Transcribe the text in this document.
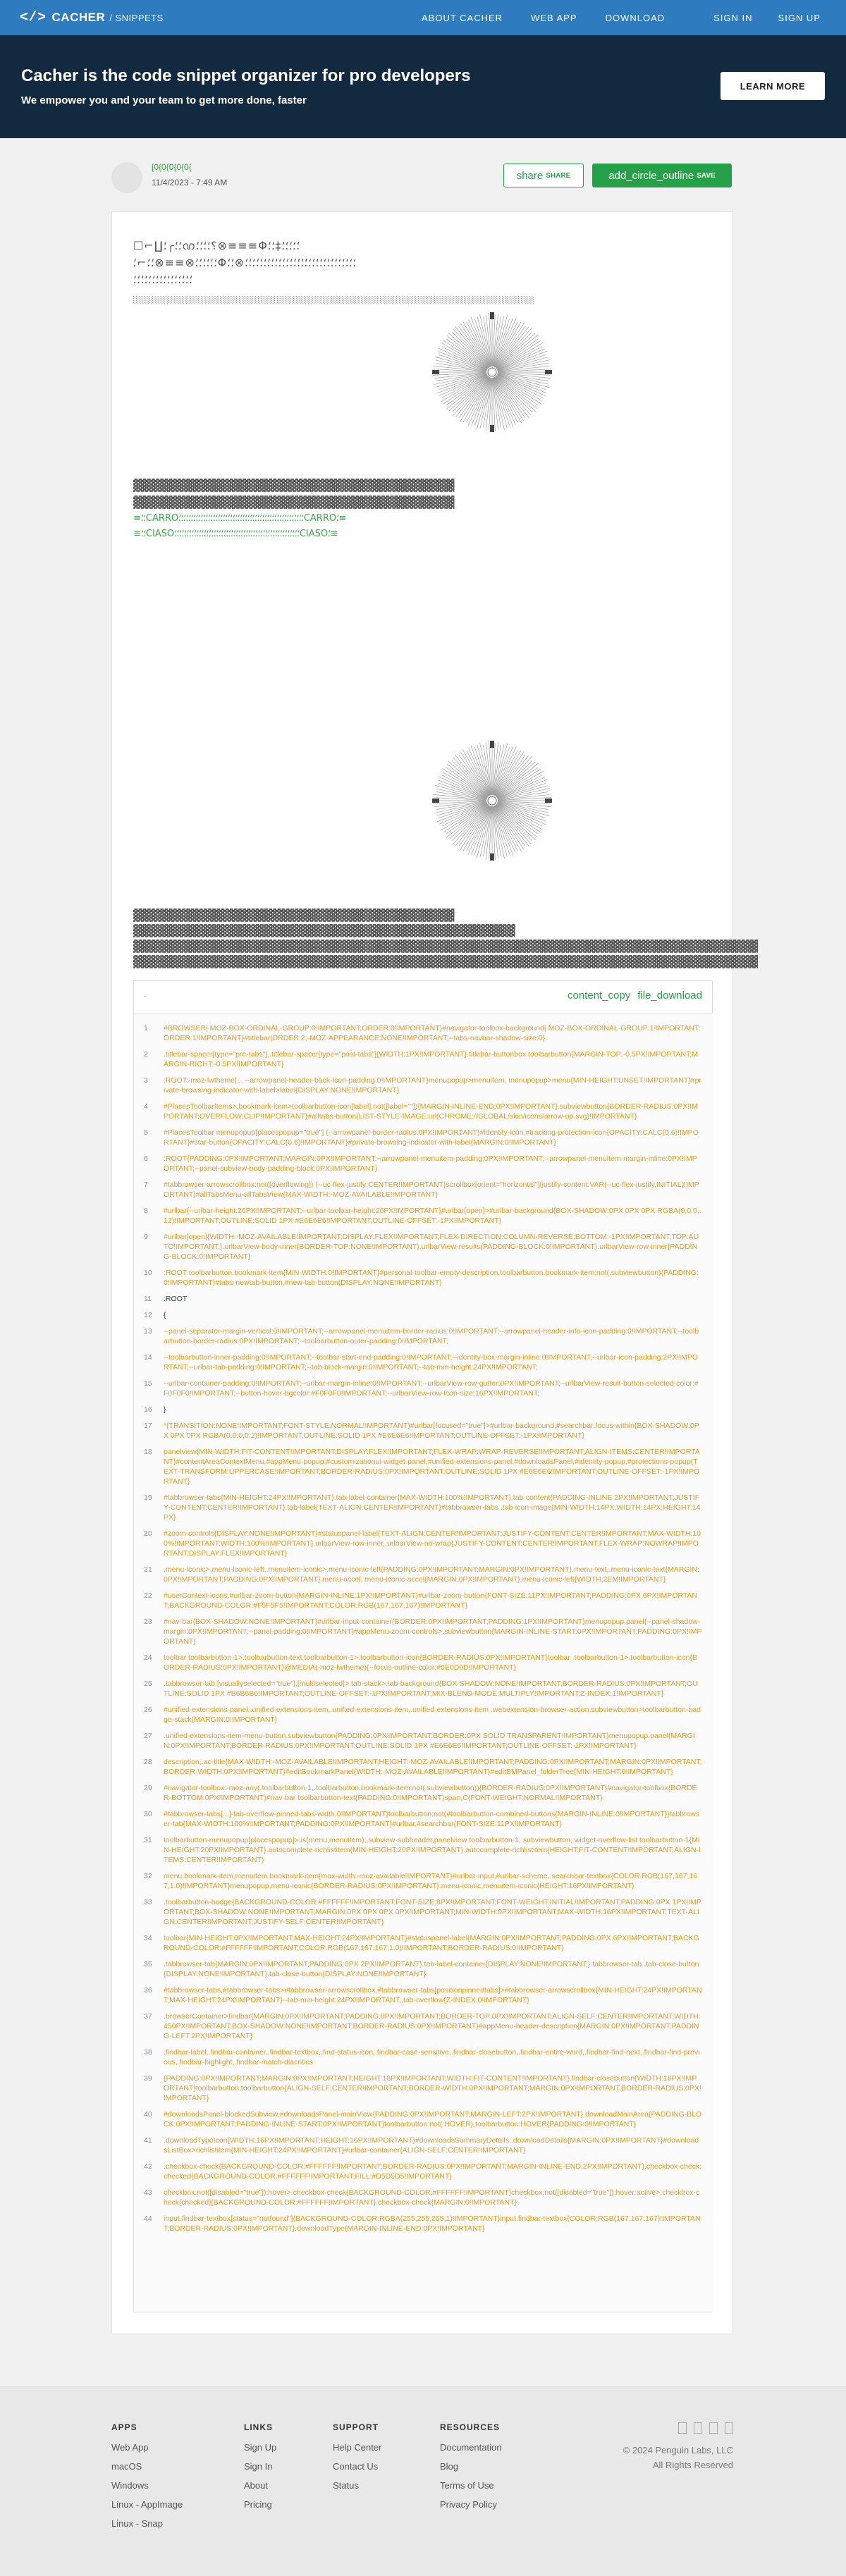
</> CACHER / SNIPPETS	ABOUT CACHER	WEB APP	DOWNLOAD	SIGN IN	SIGN UP
Cacher is the code snippet organizer for pro developers

We empower you and your team to get more done, faster

LEARN MORE
[0{0{0{0{0{
11/4/2023 - 7:49 AM
share SHARE	add_circle_outline SAVE
☐⌐∐⸵╭⸵⸵ᨱ⸵⸵⸵⸵⸮⊗≡≡≡Φ⸵⸵‡⸵⸵⸵⸵⸵
⸵⌐⸵⸵⊗≡≡⊗⸵⸵⸵⸵⸵⸵Φ⸵⸵⊗⸵⸵⸵⸵⸵⸵⸵⸵⸵⸵⸵⸵⸵⸵⸵⸵⸵⸵⸵⸵⸵⸵⸵⸵⸵⸵⸵⸵⸵⸵
⸵⸵⸵⸵⸵⸵⸵⸵⸵⸵⸵⸵⸵⸵⸵⸵
░░░░░░░░░░░░░░░░░░░░░░░░░░░░░░░░░░░░░░░░░░░░░░░░░░░░░░░░░░░░░░░░░░░░░░░░░░
▓▓▓▓▓▓▓▓▓▓▓▓▓▓▓▓▓▓▓▓▓▓▓▓▓▓▓▓▓▓▓▓▓▓▓▓▓
▓▓▓▓▓▓▓▓▓▓▓▓▓▓▓▓▓▓▓▓▓▓▓▓▓▓▓▓▓▓▓▓▓▓▓▓▓
≡⸵⸵CARRO⸵⸵⸵⸵⸵⸵⸵⸵⸵⸵⸵⸵⸵⸵⸵⸵⸵⸵⸵⸵⸵⸵⸵⸵⸵⸵⸵⸵⸵⸵⸵⸵⸵⸵⸵⸵⸵⸵⸵⸵⸵⸵⸵⸵⸵⸵⸵⸵⸵⸵⸵CARRO⸵≡
≡⸵⸵CIASO⸵⸵⸵⸵⸵⸵⸵⸵⸵⸵⸵⸵⸵⸵⸵⸵⸵⸵⸵⸵⸵⸵⸵⸵⸵⸵⸵⸵⸵⸵⸵⸵⸵⸵⸵⸵⸵⸵⸵⸵⸵⸵⸵⸵⸵⸵⸵⸵⸵⸵⸵CIASO⸵≡
▓▓▓▓▓▓▓▓▓▓▓▓▓▓▓▓▓▓▓▓▓▓▓▓▓▓▓▓▓▓▓▓▓▓▓▓▓
▓▓▓▓▓▓▓▓▓▓▓▓▓▓▓▓▓▓▓▓▓▓▓▓▓▓▓▓▓▓▓▓▓▓▓▓▓▓▓▓▓▓▓▓
▓▓▓▓▓▓▓▓▓▓▓▓▓▓▓▓▓▓▓▓▓▓▓▓▓▓▓▓▓▓▓▓▓▓▓▓▓▓▓▓▓▓▓▓▓▓▓▓▓▓▓▓▓▓▓▓▓▓▓▓▓▓▓▓▓▓▓▓▓▓▓▓
▓▓▓▓▓▓▓▓▓▓▓▓▓▓▓▓▓▓▓▓▓▓▓▓▓▓▓▓▓▓▓▓▓▓▓▓▓▓▓▓▓▓▓▓▓▓▓▓▓▓▓▓▓▓▓▓▓▓▓▓▓▓▓▓▓▓▓▓▓▓▓▓
-	content_copy file_download
1	#BROWSER| MOZ-BOX-ORDINAL-GROUP:0!IMPORTANT;ORDER:0!IMPORTANT}#navigator-toolbox-background| MOZ-BOX-ORDINAL-GROUP:1!IMPORTANT;ORDER:1!IMPORTANT}#titlebar|ORDER:2;-MOZ-APPEARANCE:NONE!IMPORTANT;--tabs-navbar-shadow-size:0}
2	.titlebar-spacer[type="pre-tabs"],.titlebar-spacer[type="post-tabs"]{WIDTH:1PX!IMPORTANT}.titlebar-buttonbox toolbarbutton{MARGIN-TOP:-0.5PX!IMPORTANT;MARGIN-RIGHT:-0.5PX!IMPORTANT}
3	:ROOT:-moz-lwtheme|... --arrowpanel-header-back-icon-padding:0!IMPORTANT}menupopup>menuitem, menupopup>menu{MIN-HEIGHT:UNSET!IMPORTANT}#private-browsing-indicator-with-label>label{DISPLAY:NONE!IMPORTANT}
4	#PlacesToolbarItems>.bookmark-item>toolbarbutton-icon[label]:not([label=""]){MARGIN-INLINE-END:0PX!IMPORTANT}.subviewbutton{BORDER-RADIUS:0PX!IMPORTANT;OVERFLOW:CLIP!IMPORTANT}#alltabs-button{LIST-STYLE-IMAGE:url(CHROME://GLOBAL/skin/icons/arrow-up.svg)!IMPORTANT}
5	#PlacesToolbar menupopup[placespopup="true"] {--arrowpanel-border-radius:0PX!IMPORTANT}#identity-icon,#tracking-protection-icon{OPACITY:CALC(0.6)!IMPORTANT}#star-button{OPACITY:CALC(0.6)!IMPORTANT}#private-browsing-indicator-with-label{MARGIN:0!IMPORTANT}
6	:ROOT{PADDING:0PX!IMPORTANT;MARGIN:0PX!IMPORTANT;--arrowpanel-menuitem-padding:0PX!IMPORTANT;--arrowpanel-menuitem-margin-inline:0PX!IMPORTANT;--panel-subview-body-padding-block:0PX!IMPORTANT}
7	#tabbrowser-arrowscrollbox:not([overflowing]) {--uc-flex-justify:CENTER!IMPORTANT}scrollbox[orient="horizontal"]{justify-content:VAR(--uc-flex-justify,INITIAL)!IMPORTANT}#allTabsMenu-allTabsView{MAX-WIDTH:-MOZ-AVAILABLE!IMPORTANT}
8	#urlbar{--urlbar-height:26PX!IMPORTANT;--urlbar-toolbar-height:26PX!IMPORTANT}#urlbar[open]>#urlbar-background{BOX-SHADOW:0PX 0PX 0PX RGBA(0,0,0,.12)!IMPORTANT;OUTLINE:SOLID 1PX #E6E6E6!IMPORTANT;OUTLINE-OFFSET:-1PX!IMPORTANT}
9	#urlbar[open]{WIDTH:-MOZ-AVAILABLE!IMPORTANT;DISPLAY:FLEX!IMPORTANT;FLEX-DIRECTION:COLUMN-REVERSE;BOTTOM:-1PX!IMPORTANT;TOP:AUTO!IMPORTANT;}.urlbarView-body-inner{BORDER-TOP:NONE!IMPORTANT}.urlbarView-results{PADDING-BLOCK:0!IMPORTANT}.urlbarView-row-inner{PADDING-BLOCK:0!IMPORTANT}
10	:ROOT toolbarbutton.bookmark-item{MIN-WIDTH:0!IMPORTANT}#personal-toolbar-empty-description,toolbarbutton.bookmark-item:not(.subviewbutton){PADDING:0!IMPORTANT}#tabs-newtab-button,#new-tab-button{DISPLAY:NONE!IMPORTANT}
11	:ROOT
12	{
13	--panel-separator-margin-vertical:0!IMPORTANT;--arrowpanel-menuitem-border-radius:0!IMPORTANT;--arrowpanel-header-info-icon-padding:0!IMPORTANT;--toolbarbutton-border-radius:0PX!IMPORTANT;--toolbarbutton-outer-padding:0!IMPORTANT;
14	--toolbarbutton-inner-padding:0!IMPORTANT;--toolbar-start-end-padding:0!IMPORTANT;--identity-box-margin-inline:0!IMPORTANT;--urlbar-icon-padding:2PX!IMPORTANT;--urlbar-tab-padding:0!IMPORTANT;--tab-block-margin:0!IMPORTANT;--tab-min-height:24PX!IMPORTANT;
15	--urlbar-container-padding:0!IMPORTANT;--urlbar-margin-inline:0!IMPORTANT;--urlbarView-row-gutter:0PX!IMPORTANT;--urlbarView-result-button-selected-color:#F0F0F0!IMPORTANT;--button-hover-bgcolor:#F0F0F0!IMPORTANT;--urlbarView-row-icon-size:16PX!IMPORTANT;
16	}
17	*{TRANSITION:NONE!IMPORTANT;FONT-STYLE:NORMAL!IMPORTANT}#urlbar[focused="true"]>#urlbar-background,#searchbar:focus-within{BOX-SHADOW:0PX 0PX 0PX RGBA(0,0,0,0.2)!IMPORTANT;OUTLINE:SOLID 1PX #E6E6E6!IMPORTANT;OUTLINE-OFFSET:-1PX!IMPORTANT}
18	panelview{MIN-WIDTH:FIT-CONTENT!IMPORTANT;DISPLAY:FLEX!IMPORTANT;FLEX-WRAP:WRAP-REVERSE!IMPORTANT;ALIGN-ITEMS:CENTER!IMPORTANT}#contentAreaContextMenu,#appMenu-popup,#customizationui-widget-panel,#unified-extensions-panel,#downloadsPanel,#identity-popup,#protections-popup{TEXT-TRANSFORM:UPPERCASE!IMPORTANT;BORDER-RADIUS:0PX!IMPORTANT;OUTLINE:SOLID 1PX #E6E6E6!IMPORTANT;OUTLINE-OFFSET:-1PX!IMPORTANT}
19	#tabbrowser-tabs{MIN-HEIGHT:24PX!IMPORTANT}.tab-label-container{MAX-WIDTH:100%!IMPORTANT}.tab-content{PADDING-INLINE:2PX!IMPORTANT;JUSTIFY-CONTENT:CENTER!IMPORTANT}.tab-label{TEXT-ALIGN:CENTER!IMPORTANT}#tabbrowser-tabs .tab-icon-image{MIN-WIDTH:14PX;WIDTH:14PX;HEIGHT:14PX}
20	#zoom-controls{DISPLAY:NONE!IMPORTANT}#statuspanel-label{TEXT-ALIGN:CENTER!IMPORTANT;JUSTIFY-CONTENT:CENTER!IMPORTANT;MAX-WIDTH:100%!IMPORTANT;WIDTH:100%!IMPORTANT}.urlbarView-row-inner,.urlbarView-no-wrap{JUSTIFY-CONTENT:CENTER!IMPORTANT;FLEX-WRAP:NOWRAP!IMPORTANT;DISPLAY:FLEX!IMPORTANT}
21	.menu-iconic>.menu-iconic-left,.menuitem-iconic>.menu-iconic-left{PADDING:0PX!IMPORTANT;MARGIN:0PX!IMPORTANT}.menu-text,.menu-iconic-text{MARGIN:0PX!IMPORTANT;PADDING:0PX!IMPORTANT}.menu-accel,.menu-iconic-accel{MARGIN:0PX!IMPORTANT}.menu-iconic-left{WIDTH:2EM!IMPORTANT}
22	#userContext-icons,#urlbar-zoom-button{MARGIN-INLINE:1PX!IMPORTANT}#urlbar-zoom-button{FONT-SIZE:11PX!IMPORTANT;PADDING:0PX 6PX!IMPORTANT;BACKGROUND-COLOR:#F5F5F5!IMPORTANT;COLOR:RGB(167,167,167)!IMPORTANT}
23	#nav-bar{BOX-SHADOW:NONE!IMPORTANT}#urlbar-input-container{BORDER:0PX!IMPORTANT;PADDING:1PX!IMPORTANT}menupopup,panel{--panel-shadow-margin:0PX!IMPORTANT;--panel-padding:0!IMPORTANT}#appMenu-zoom-controls>.subviewbutton{MARGIN-INLINE-START:0PX!IMPORTANT;PADDING:0PX!IMPORTANT}
24	toolbar toolbarbutton-1>.toolbarbutton-text,toolbarbutton-1>.toolbarbutton-icon{BORDER-RADIUS:0PX!IMPORTANT}toolbar .toolbarbutton-1>.toolbarbutton-icon{BORDER-RADIUS:0PX!IMPORTANT}@MEDIA(-moz-lwtheme){--focus-outline-color:#0E0D0D!IMPORTANT}
25	.tabbrowser-tab:[visuallyselected="true"],[multiselected]>.tab-stack>.tab-background{BOX-SHADOW:NONE!IMPORTANT;BORDER-RADIUS:0PX!IMPORTANT;OUTLINE:SOLID 1PX #B6B6B6!IMPORTANT;OUTLINE-OFFSET:-1PX!IMPORTANT;MIX-BLEND-MODE:MULTIPLY!IMPORTANT;Z-INDEX:1!IMPORTANT}
26	#unified-extensions-panel,.unified-extensions-item,.unified-extensions-item,.unified-extensions-item .webextension-browser-action.subviewbutton>toolbarbutton-badge-stack{MARGIN:0!IMPORTANT}
27	.unified-extensions-item-menu-button.subviewbutton{PADDING:0PX!IMPORTANT;BORDER:0PX SOLID TRANSPARENT!IMPORTANT}menupopup,panel{MARGIN:0PX!IMPORTANT;BORDER-RADIUS:0PX!IMPORTANT;OUTLINE:SOLID 1PX #E6E6E6!IMPORTANT;OUTLINE-OFFSET:-1PX!IMPORTANT}
28	description,.ac-title{MAX-WIDTH:-MOZ-AVAILABLE!IMPORTANT;HEIGHT:-MOZ-AVAILABLE!IMPORTANT;PADDING:0PX!IMPORTANT;MARGIN:0PX!IMPORTANT;BORDER-WIDTH:0PX!IMPORTANT}#editBookmarkPanel{WIDTH:-MOZ-AVAILABLE!IMPORTANT}#editBMPanel_folderTree{MIN-HEIGHT:0!IMPORTANT}
29	#navigator-toolbox:-moz-any(.toolbarbutton-1,.toolbarbutton.bookmark-item:not(.subviewbutton)){BORDER-RADIUS:0PX!IMPORTANT}#navigator-toolbox{BORDER-BOTTOM:0PX!IMPORTANT}#nav-bar toolbarbutton-text{PADDING:0!IMPORTANT}span,C{FONT-WEIGHT:NORMAL!IMPORTANT}
30	#tabbrowser-tabs[...]-tab-overflow-pinned-tabs-width:0!IMPORTANT}toolbarbutton:not(#toolbarbutton-combined-buttons{MARGIN-INLINE:0!IMPORTANT}}tabbrowser-tab{MAX-WIDTH:100%!IMPORTANT;PADDING:0PX!IMPORTANT}#urlbar,#searchbar{FONT-SIZE:11PX!IMPORTANT}
31	toolbarbutton-menupopup[placespopup]>:is(menu,menuitem),.subview-subheader,panelview toolbarbutton-1,.subviewbutton,.widget-overflow-list toolbarbutton-1{MIN-HEIGHT:20PX!IMPORTANT}.autocomplete-richlistitem{MIN-HEIGHT:20PX!IMPORTANT}.autocomplete-richlistitem{HEIGHT:FIT-CONTENT!IMPORTANT;ALIGN-ITEMS:CENTER!IMPORTANT}
32	menu.bookmark-item,menuitem.bookmark-item{max-width:-moz-available!IMPORTANT}#urlbar-input,#urlbar-scheme,.searchbar-textbox{COLOR:RGB(167,167,167,1.0)!IMPORTANT}menupopup,menu-iconic{BORDER-RADIUS:0PX!IMPORTANT}.menu-iconic,menuitem-iconic{HEIGHT:16PX!IMPORTANT}
33	.toolbarbutton-badge{BACKGROUND-COLOR:#FFFFFF!IMPORTANT;FONT-SIZE:8PX!IMPORTANT;FONT-WEIGHT:INITIAL!IMPORTANT;PADDING:0PX 1PX!IMPORTANT;BOX-SHADOW:NONE!IMPORTANT;MARGIN:0PX 0PX 0PX 0PX!IMPORTANT;MIN-WIDTH:0PX!IMPORTANT;MAX-WIDTH:16PX!IMPORTANT;TEXT-ALIGN:CENTER!IMPORTANT;JUSTIFY-SELF:CENTER!IMPORTANT}
34	toolbar{MIN-HEIGHT:0PX!IMPORTANT;MAX-HEIGHT:24PX!IMPORTANT}#statuspanel-label{MARGIN:0PX!IMPORTANT;PADDING:0PX 6PX!IMPORTANT;BACKGROUND-COLOR:#FFFFFF!IMPORTANT;COLOR:RGB(167,167,167,1.0)!IMPORTANT;BORDER-RADIUS:0!IMPORTANT}
35	.tabbrowser-tab{MARGIN:0PX!IMPORTANT;PADDING:0PX 2PX!IMPORTANT}.tab-label-container{DISPLAY:NONE!IMPORTANT;}.tabbrowser-tab .tab-close-button{DISPLAY:NONE!IMPORTANT}.tab-close-button{DISPLAY:NONE!IMPORTANT}
36	#tabbrowser-tabs,#tabbrowser-tabs>#tabbrowser-arrowscrollbox,#tabbrowser-tabs[positionpinnedtabs]>#tabbrowser-arrowscrollbox{MIN-HEIGHT:24PX!IMPORTANT;MAX-HEIGHT:24PX!IMPORTANT}--tab-min-height:24PX!IMPORTANT;.tab-overflow{Z-INDEX:0!IMPORTANT}
37	.browserContainer>findbar{MARGIN:0PX!IMPORTANT;PADDING:0PX!IMPORTANT;BORDER-TOP:0PX!IMPORTANT;ALIGN-SELF:CENTER!IMPORTANT;WIDTH:450PX!IMPORTANT;BOX-SHADOW:NONE!IMPORTANT;BORDER-RADIUS:0PX!IMPORTANT}#appMenu-header-description{MARGIN:0PX!IMPORTANT;PADDING-LEFT:2PX!IMPORTANT}
38	.findbar-label,.findbar-container,.findbar-textbox,.find-status-icon,.findbar-case-sensitive,.findbar-closebutton,.findbar-entire-word,.findbar-find-next,.findbar-find-previous,.findbar-highlight,.findbar-match-diacritics
39	{PADDING:0PX!IMPORTANT;MARGIN:0PX!IMPORTANT;HEIGHT:18PX!IMPORTANT;WIDTH:FIT-CONTENT!IMPORTANT}.findbar-closebutton{WIDTH:18PX!IMPORTANT}toolbarbutton,toolbarbutton{ALIGN-SELF:CENTER!IMPORTANT;BORDER-WIDTH:0PX!IMPORTANT;MARGIN:0PX!IMPORTANT;BORDER-RADIUS:0PX!IMPORTANT}
40	#downloadsPanel-blockedSubview,#downloadsPanel-mainView{PADDING:0PX!IMPORTANT;MARGIN-LEFT:2PX!IMPORTANT}.downloadMainArea{PADDING-BLOCK:0PX!IMPORTANT;PADDING-INLINE-START:0PX!IMPORTANT}toolbarbutton:not(:HOVER),toolbarbutton:HOVER{PADDING:0!IMPORTANT}
41	.downloadTypeIcon{WIDTH:16PX!IMPORTANT;HEIGHT:16PX!IMPORTANT}#downloadsSummaryDetails,.downloadDetails{MARGIN:0PX!IMPORTANT}#downloadsListBox>richlistitem{MIN-HEIGHT:24PX!IMPORTANT}#urlbar-container{ALIGN-SELF:CENTER!IMPORTANT}
42	.checkbox-check{BACKGROUND-COLOR:#FFFFFF!IMPORTANT;BORDER-RADIUS:0PX!IMPORTANT;MARGIN-INLINE-END:2PX!IMPORTANT}.checkbox-check:checked{BACKGROUND-COLOR:#FFFFFF!IMPORTANT;FILL:#D5D5D5!IMPORTANT}
43	checkbox:not([disabled="true"]):hover>.checkbox-check{BACKGROUND-COLOR:#FFFFFF!IMPORTANT}checkbox:not([disabled="true"]):hover:active>.checkbox-check[checked]{BACKGROUND-COLOR:#FFFFFF!IMPORTANT}.checkbox-check{MARGIN:0!IMPORTANT}
44	input.findbar-textbox[status="notfound"]{BACKGROUND-COLOR:RGBA(255,255,255,1)!IMPORTANT}input.findbar-textbox{COLOR:RGB(167,167,167)!IMPORTANT;BORDER-RADIUS:0PX!IMPORTANT}.downloadType{MARGIN-INLINE-END:0PX!IMPORTANT}
APPS
Web App
macOS
Windows
Linux - AppImage
Linux - Snap
LINKS
Sign Up
Sign In
About
Pricing
SUPPORT
Help Center
Contact Us
Status
RESOURCES
Documentation
Blog
Terms of Use
Privacy Policy
© 2024 Penguin Labs, LLC
All Rights Reserved
